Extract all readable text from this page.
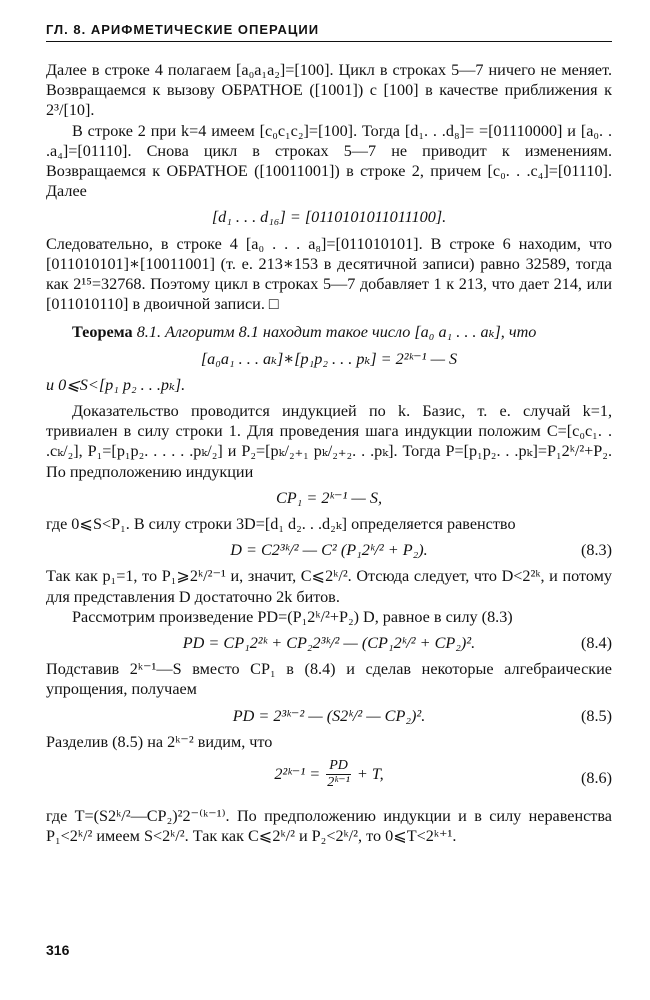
ГЛ. 8. АРИФМЕТИЧЕСКИЕ ОПЕРАЦИИ

Далее в строке 4 полагаем [a₀a₁a₂]=[100]. Цикл в строках 5—7 ничего не меняет. Возвращаемся к вызову ОБРАТНОЕ ([1001]) с [100] в качестве приближения к 2³/[10].

В строке 2 при k=4 имеем [c₀c₁c₂]=[100]. Тогда [d₁. . .d₈]= =[01110000] и [a₀. . .a₄]=[01110]. Снова цикл в строках 5—7 не приводит к изменениям. Возвращаемся к ОБРАТНОЕ ([10011001]) в строке 2, причем [c₀. . .c₄]=[01110]. Далее

[d₁ . . . d₁₆] = [0110101011011100].

Следовательно, в строке 4 [a₀ . . . a₈]=[011010101]. В строке 6 находим, что [011010101]∗[10011001] (т. е. 213∗153 в десятичной записи) равно 32589, тогда как 2¹⁵=32768. Поэтому цикл в строках 5—7 добавляет 1 к 213, что дает 214, или [011010110] в двоичной записи. □

Теорема 8.1. Алгоритм 8.1 находит такое число [a₀ a₁ . . . aₖ], что

[a₀a₁ . . . aₖ]∗[p₁p₂ . . . pₖ] = 2²ᵏ⁻¹ — S

и 0⩽S<[p₁ p₂ . . .pₖ].

Доказательство проводится индукцией по k. Базис, т. е. случай k=1, тривиален в силу строки 1. Для проведения шага индукции положим C=[c₀c₁. . .cₖ/₂], P₁=[p₁p₂. . . . . .pₖ/₂] и P₂=[pₖ/₂₊₁ pₖ/₂₊₂. . .pₖ]. Тогда P=[p₁p₂. . .pₖ]=P₁2ᵏ/²+P₂. По предположению индукции

CP₁ = 2ᵏ⁻¹ — S,

где 0⩽S<P₁. В силу строки 3D=[d₁ d₂. . .d₂ₖ] определяется равенство

D = C2³ᵏ/² — C² (P₁2ᵏ/² + P₂).	(8.3)

Так как p₁=1, то P₁⩾2ᵏ/²⁻¹ и, значит, C⩽2ᵏ/². Отсюда следует, что D<2²ᵏ, и потому для представления D достаточно 2k битов.

Рассмотрим произведение PD=(P₁2ᵏ/²+P₂) D, равное в силу (8.3)

PD = CP₁2²ᵏ + CP₂2³ᵏ/² — (CP₁2ᵏ/² + CP₂)².	(8.4)

Подставив 2ᵏ⁻¹—S вместо CP₁ в (8.4) и сделав некоторые алгебраические упрощения, получаем

PD = 2³ᵏ⁻² — (S2ᵏ/² — CP₂)².	(8.5)

Разделив (8.5) на 2ᵏ⁻² видим, что

2²ᵏ⁻¹ = $\frac{PD}{\text{2ᵏ⁻¹}} + T$,	(8.6)

где T=(S2ᵏ/²—CP₂)²2⁻⁽ᵏ⁻¹⁾. По предположению индукции и в силу неравенства P₁<2ᵏ/² имеем S<2ᵏ/². Так как C⩽2ᵏ/² и P₂<2ᵏ/², то 0⩽T<2ᵏ⁺¹.

316
